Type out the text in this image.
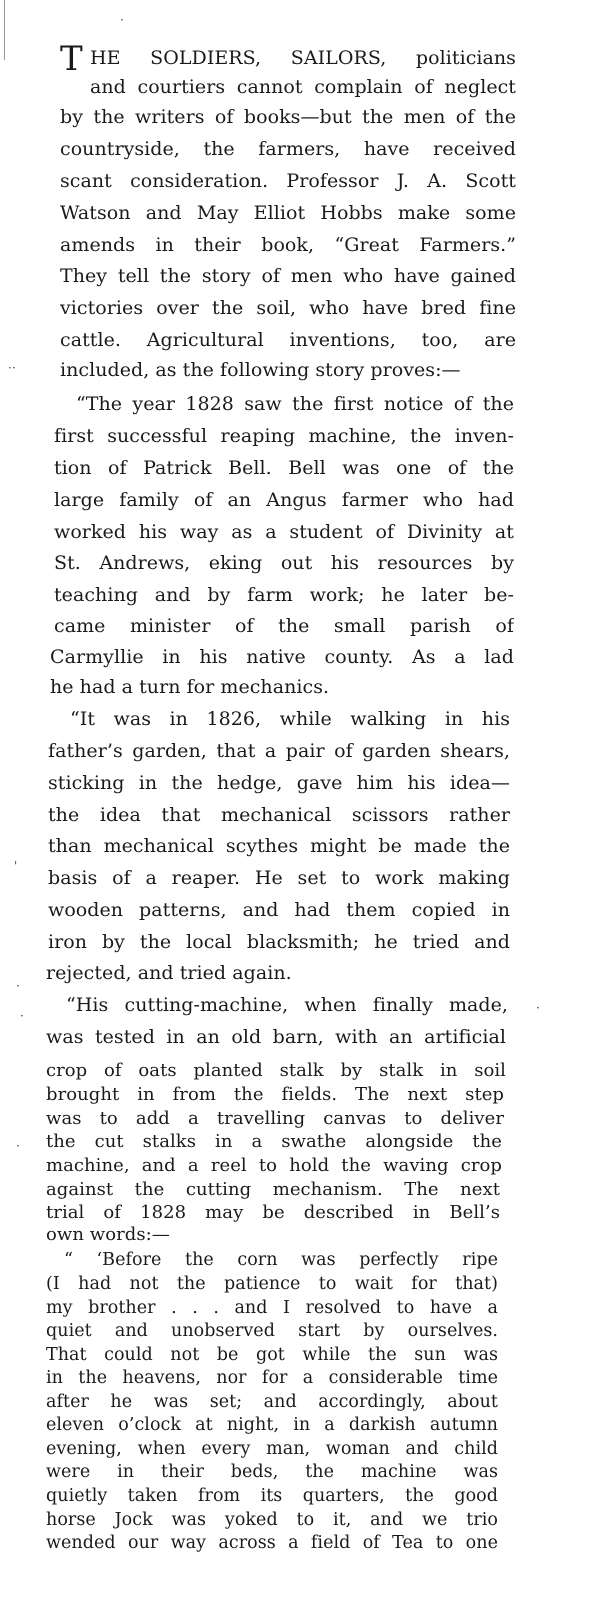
·
··
'
·
·
·
·
T HE SOLDIERS, SAILORS, politicians
and courtiers cannot complain of neglect
by the writers of books—but the men of the
countryside, the farmers, have received
scant consideration. Professor J. A. Scott
Watson and May Elliot Hobbs make some
amends in their book, “Great Farmers.”
They tell the story of men who have gained
victories over the soil, who have bred fine
cattle. Agricultural inventions, too, are
included, as the following story proves:—
“The year 1828 saw the first notice of the
first successful reaping machine, the inven-
tion of Patrick Bell. Bell was one of the
large family of an Angus farmer who had
worked his way as a student of Divinity at
St. Andrews, eking out his resources by
teaching and by farm work; he later be-
came minister of the small parish of
Carmyllie in his native county. As a lad
he had a turn for mechanics.
“It was in 1826, while walking in his
father’s garden, that a pair of garden shears,
sticking in the hedge, gave him his idea—
the idea that mechanical scissors rather
than mechanical scythes might be made the
basis of a reaper. He set to work making
wooden patterns, and had them copied in
iron by the local blacksmith; he tried and
rejected, and tried again.
“His cutting-machine, when finally made,
was tested in an old barn, with an artificial
crop of oats planted stalk by stalk in soil
brought in from the fields. The next step
was to add a travelling canvas to deliver
the cut stalks in a swathe alongside the
machine, and a reel to hold the waving crop
against the cutting mechanism. The next
trial of 1828 may be described in Bell’s
own words:—
“ ‘Before the corn was perfectly ripe
(I had not the patience to wait for that)
my brother . . . and I resolved to have a
quiet and unobserved start by ourselves.
That could not be got while the sun was
in the heavens, nor for a considerable time
after he was set; and accordingly, about
eleven o’clock at night, in a darkish autumn
evening, when every man, woman and child
were in their beds, the machine was
quietly taken from its quarters, the good
horse Jock was yoked to it, and we trio
wended our way across a field of Tea to one
